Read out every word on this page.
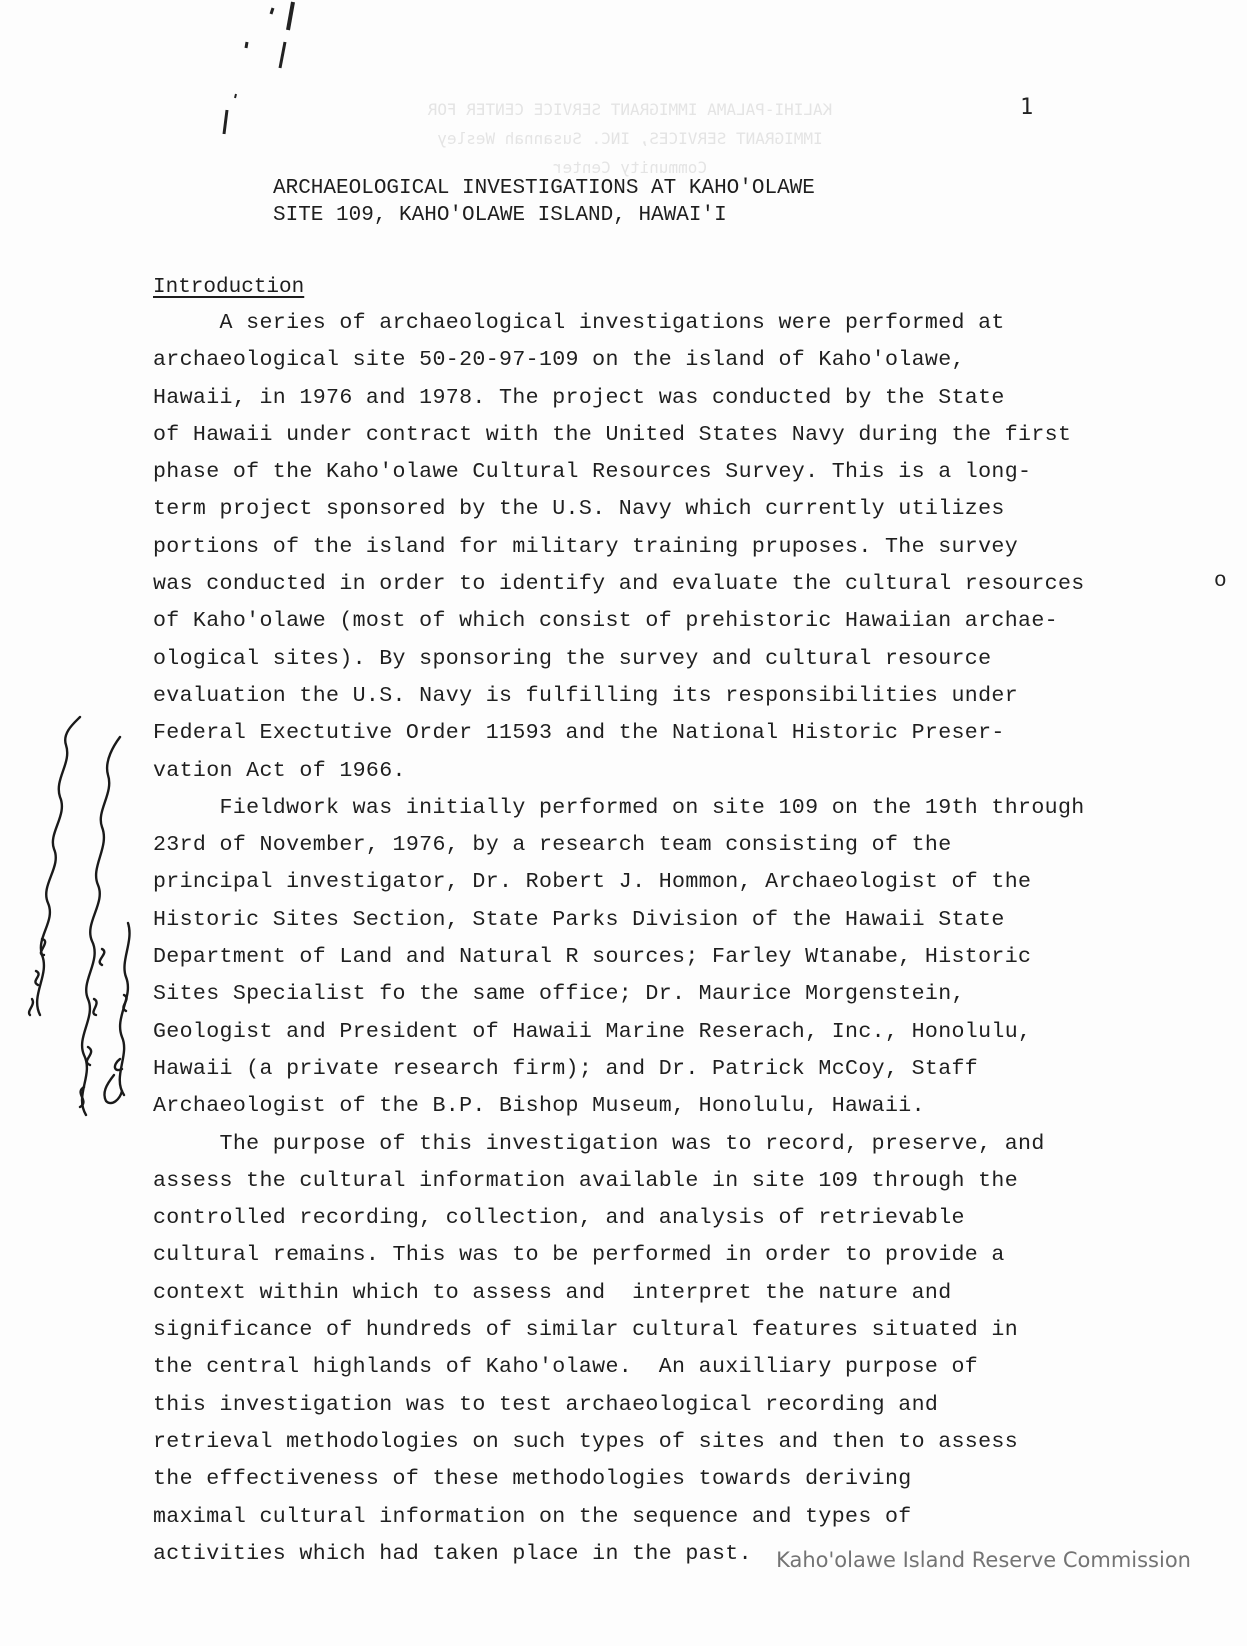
KALIHI-PALAMA IMMIGRANT SERVICE CENTER FOR IMMIGRANT SERVICES, INC. Susannah Wesley Community Center
1
ARCHAEOLOGICAL INVESTIGATIONS AT KAHO'OLAWE
SITE 109, KAHO'OLAWE ISLAND, HAWAI'I
Introduction
A series of archaeological investigations were performed at
archaeological site 50-20-97-109 on the island of Kaho'olawe,
Hawaii, in 1976 and 1978. The project was conducted by the State
of Hawaii under contract with the United States Navy during the first
phase of the Kaho'olawe Cultural Resources Survey. This is a long-
term project sponsored by the U.S. Navy which currently utilizes
portions of the island for military training pruposes. The survey
was conducted in order to identify and evaluate the cultural resources
of Kaho'olawe (most of which consist of prehistoric Hawaiian archae-
ological sites). By sponsoring the survey and cultural resource
evaluation the U.S. Navy is fulfilling its responsibilities under
Federal Exectutive Order 11593 and the National Historic Preser-
vation Act of 1966.
Fieldwork was initially performed on site 109 on the 19th through
23rd of November, 1976, by a research team consisting of the
principal investigator, Dr. Robert J. Hommon, Archaeologist of the
Historic Sites Section, State Parks Division of the Hawaii State
Department of Land and Natural R sources; Farley Wtanabe, Historic
Sites Specialist fo the same office; Dr. Maurice Morgenstein,
Geologist and President of Hawaii Marine Reserach, Inc., Honolulu,
Hawaii (a private research firm); and Dr. Patrick McCoy, Staff
Archaeologist of the B.P. Bishop Museum, Honolulu, Hawaii.
The purpose of this investigation was to record, preserve, and
assess the cultural information available in site 109 through the
controlled recording, collection, and analysis of retrievable
cultural remains. This was to be performed in order to provide a
context within which to assess and  interpret the nature and
significance of hundreds of similar cultural features situated in
the central highlands of Kaho'olawe.  An auxilliary purpose of
this investigation was to test archaeological recording and
retrieval methodologies on such types of sites and then to assess
the effectiveness of these methodologies towards deriving
maximal cultural information on the sequence and types of
activities which had taken place in the past.
o
Kaho'olawe Island Reserve Commission
